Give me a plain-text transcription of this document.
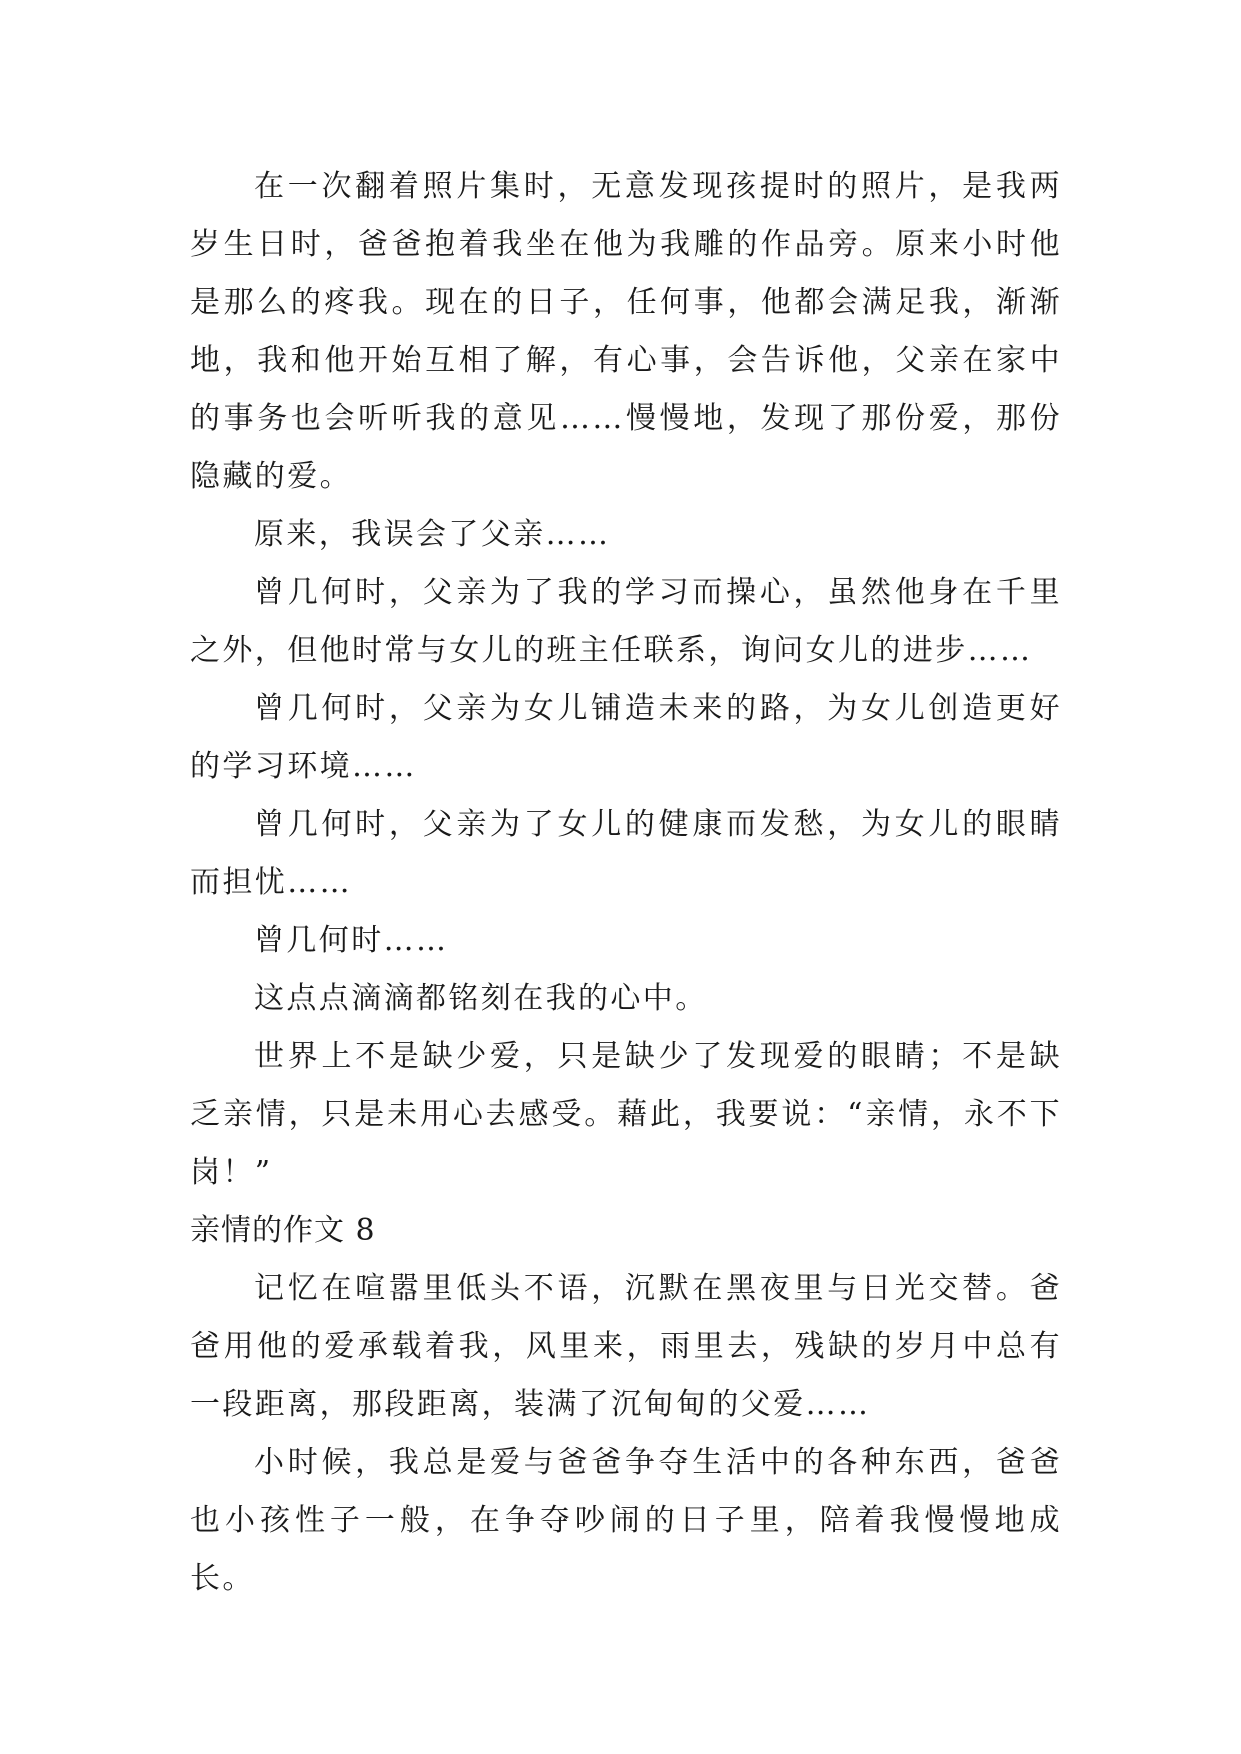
在一次翻着照片集时，无意发现孩提时的照片，是我两岁生日时，爸爸抱着我坐在他为我雕的作品旁。原来小时他是那么的疼我。现在的日子，任何事，他都会满足我，渐渐地，我和他开始互相了解，有心事，会告诉他，父亲在家中的事务也会听听我的意见……慢慢地，发现了那份爱，那份隐藏的爱。

原来，我误会了父亲……

曾几何时，父亲为了我的学习而操心，虽然他身在千里之外，但他时常与女儿的班主任联系，询问女儿的进步……

曾几何时，父亲为女儿铺造未来的路，为女儿创造更好的学习环境……

曾几何时，父亲为了女儿的健康而发愁，为女儿的眼睛而担忧……

曾几何时……

这点点滴滴都铭刻在我的心中。

世界上不是缺少爱，只是缺少了发现爱的眼睛；不是缺乏亲情，只是未用心去感受。藉此，我要说：“亲情，永不下岗！”

亲情的作文 8

记忆在喧嚣里低头不语，沉默在黑夜里与日光交替。爸爸用他的爱承载着我，风里来，雨里去，残缺的岁月中总有一段距离，那段距离，装满了沉甸甸的父爱……

小时候，我总是爱与爸爸争夺生活中的各种东西，爸爸也小孩性子一般，在争夺吵闹的日子里，陪着我慢慢地成长。
